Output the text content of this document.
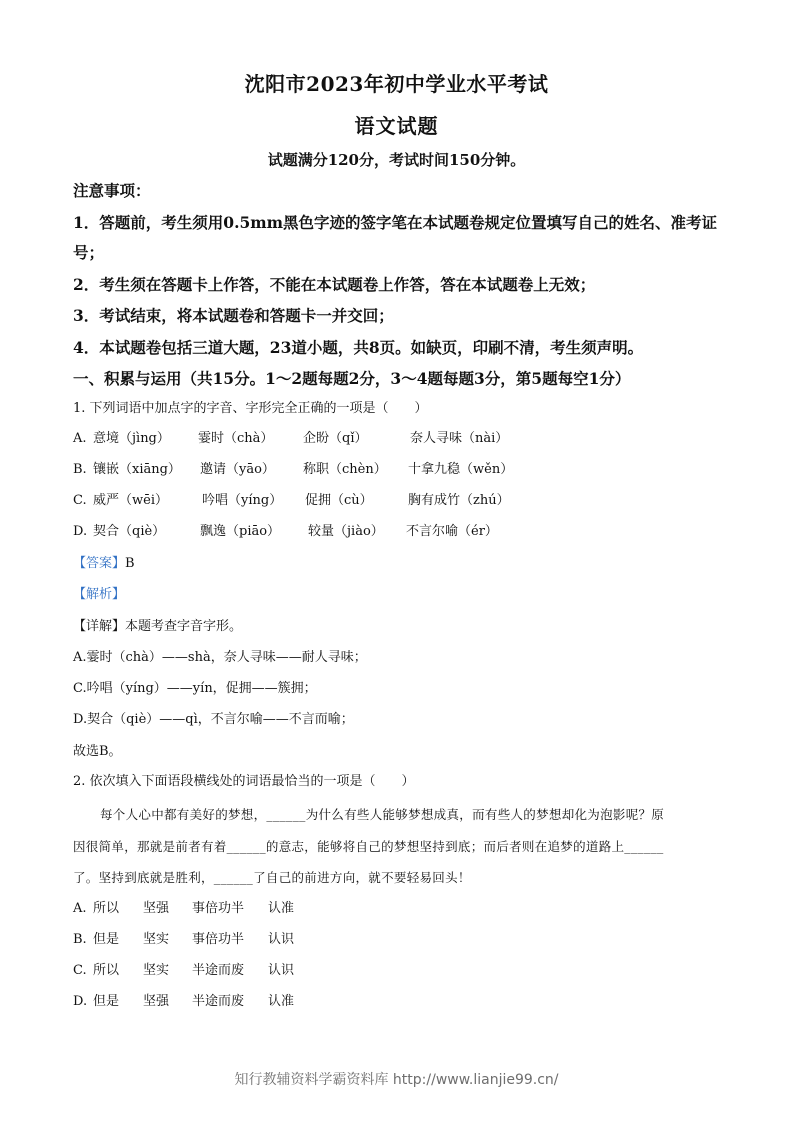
沈阳市2023年初中学业水平考试
语文试题

试题满分120分，考试时间150分钟。

注意事项：

1．答题前，考生须用0.5mm黑色字迹的签字笔在本试题卷规定位置填写自己的姓名、准考证

号；

2．考生须在答题卡上作答，不能在本试题卷上作答，答在本试题卷上无效；

3．考试结束，将本试题卷和答题卡一并交回；

4．本试题卷包括三道大题，23道小题，共8页。如缺页，印刷不清，考生须声明。

一、积累与运用（共15分。1～2题每题2分，3～4题每题3分，第5题每空1分）

1. 下列词语中加点字的字音、字形完全正确的一项是（　　）

A. 意境（jìng） 霎时（chà） 企盼（qǐ）	奈人寻味（nài）
B. 镶嵌（xiāng） 邀请（yāo） 称职（chèn） 十拿九稳（wěn）
C. 威严（wēi）	吟唱（yíng） 促拥（cù）	胸有成竹（zhú）
D. 契合（qiè）	飘逸（piāo） 较量（jiào） 不言尔喻（ér）

【答案】B

【解析】

【详解】本题考查字音字形。

A.霎时（chà）——shà，奈人寻味——耐人寻味；

C.吟唱（yíng）——yín，促拥——簇拥；

D.契合（qiè）——qì，不言尔喻——不言而喻；

故选B。

2. 依次填入下面语段横线处的词语最恰当的一项是（　　）

每个人心中都有美好的梦想，______为什么有些人能够梦想成真，而有些人的梦想却化为泡影呢？原

因很简单，那就是前者有着______的意志，能够将自己的梦想坚持到底；而后者则在追梦的道路上______

了。坚持到底就是胜利，______了自己的前进方向，就不要轻易回头！

A. 所以 坚强 事倍功半 认准
B. 但是 坚实 事倍功半 认识
C. 所以 坚实 半途而废 认识
D. 但是 坚强 半途而废 认准

知行教辅资料学霸资料库 http://www.lianjie99.cn/
